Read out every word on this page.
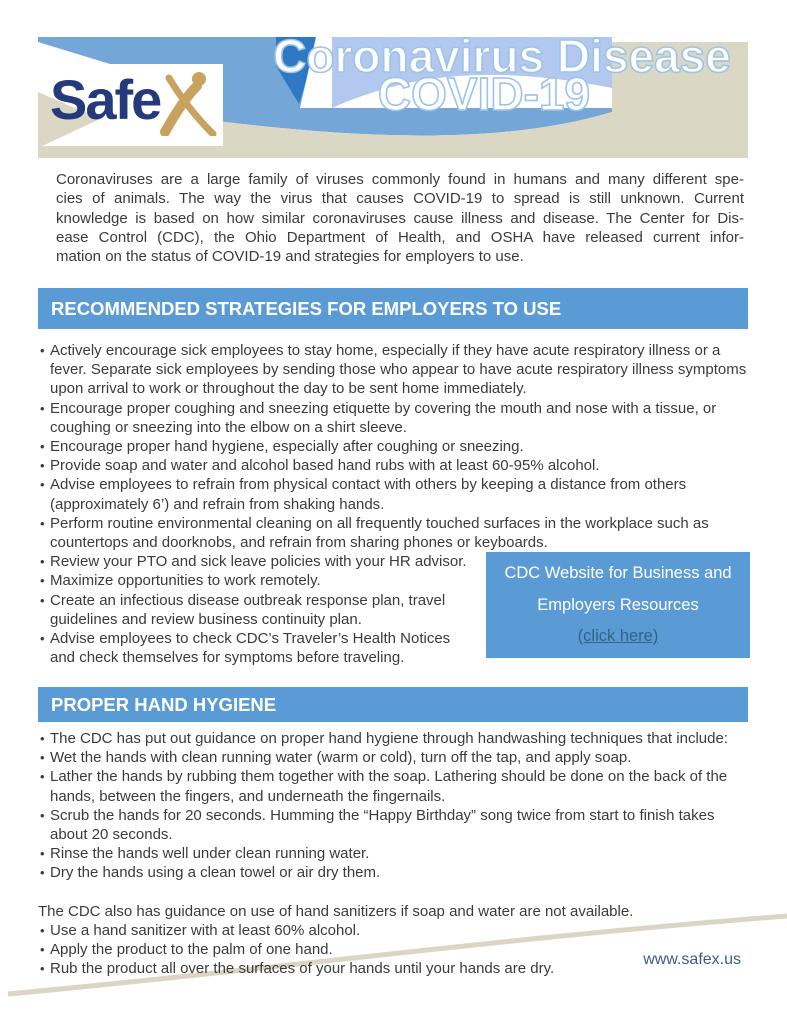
Safe
Coronavirus Disease
COVID-19
Coronaviruses are a large family of viruses commonly found in humans and many different spe-
cies of animals. The way the virus that causes COVID-19 to spread is still unknown. Current
knowledge is based on how similar coronaviruses cause illness and disease. The Center for Dis-
ease Control (CDC), the Ohio Department of Health, and OSHA have released current infor-
mation on the status of COVID-19 and strategies for employers to use.
RECOMMENDED STRATEGIES FOR EMPLOYERS TO USE
• Actively encourage sick employees to stay home, especially if they have acute respiratory illness or a fever. Separate sick employees by sending those who appear to have acute respiratory illness symptoms upon arrival to work or throughout the day to be sent home immediately.
• Encourage proper coughing and sneezing etiquette by covering the mouth and nose with a tissue, or coughing or sneezing into the elbow on a shirt sleeve.
• Encourage proper hand hygiene, especially after coughing or sneezing.
• Provide soap and water and alcohol based hand rubs with at least 60-95% alcohol.
• Advise employees to refrain from physical contact with others by keeping a distance from others (approximately 6’) and refrain from shaking hands.
• Perform routine environmental cleaning on all frequently touched surfaces in the workplace such as countertops and doorknobs, and refrain from sharing phones or keyboards.
• Review your PTO and sick leave policies with your HR advisor.
• Maximize opportunities to work remotely.
• Create an infectious disease outbreak response plan, travel guidelines and review business continuity plan.
• Advise employees to check CDC’s Traveler’s Health Notices and check themselves for symptoms before traveling.
CDC Website for Business and
Employers Resources
(click here)
PROPER HAND HYGIENE
• The CDC has put out guidance on proper hand hygiene through handwashing techniques that include:
• Wet the hands with clean running water (warm or cold), turn off the tap, and apply soap.
• Lather the hands by rubbing them together with the soap. Lathering should be done on the back of the hands, between the fingers, and underneath the fingernails.
• Scrub the hands for 20 seconds. Humming the “Happy Birthday” song twice from start to finish takes about 20 seconds.
• Rinse the hands well under clean running water.
• Dry the hands using a clean towel or air dry them.
The CDC also has guidance on use of hand sanitizers if soap and water are not available.
• Use a hand sanitizer with at least 60% alcohol.
• Apply the product to the palm of one hand.
• Rub the product all over the surfaces of your hands until your hands are dry.
www.safex.us
